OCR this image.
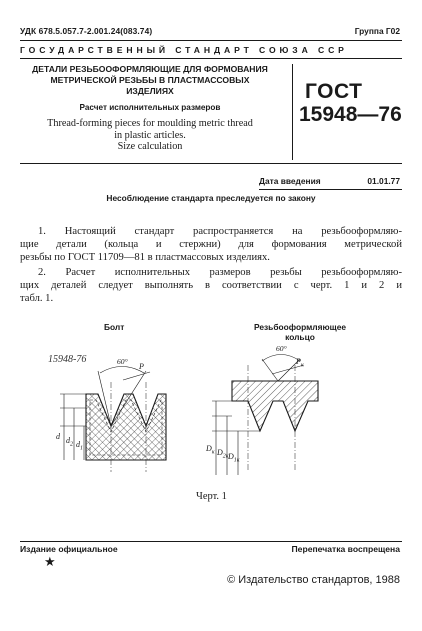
УДК 678.5.057.7-2.001.24(083.74)	Группа Г02
ГОСУДАРСТВЕННЫЙ СТАНДАРТ СОЮЗА ССР
ДЕТАЛИ РЕЗЬБООФОРМЛЯЮЩИЕ ДЛЯ ФОРМОВАНИЯ
МЕТРИЧЕСКОЙ РЕЗЬБЫ В ПЛАСТМАССОВЫХ
ИЗДЕЛИЯХ
Расчет исполнительных размеров
Thread-forming pieces for moulding metric thread
in plastic articles.
Size calculation
ГОСТ
15948—76
Дата введения	01.01.77
Несоблюдение стандарта преследуется по закону
1. Настоящий стандарт распространяется на резьбооформляю-
щие детали (кольца и стержни) для формования метрической
резьбы по ГОСТ 11709—81 в пластмассовых изделиях.
2. Расчет исполнительных размеров резьбы резьбооформляю-
щих деталей следует выполнять в соответствии с черт. 1 и 2 и
табл. 1.
Болт	Резьбооформляющее
кольцо
15948-76	60°
P
d $d_2$ $d_1$
60°
$P_к$
$D_к$ $D_{2к}$ $D_{1к}$
Черт. 1
Издание официальное
★
Перепечатка воспрещена
© Издательство стандартов, 1988
